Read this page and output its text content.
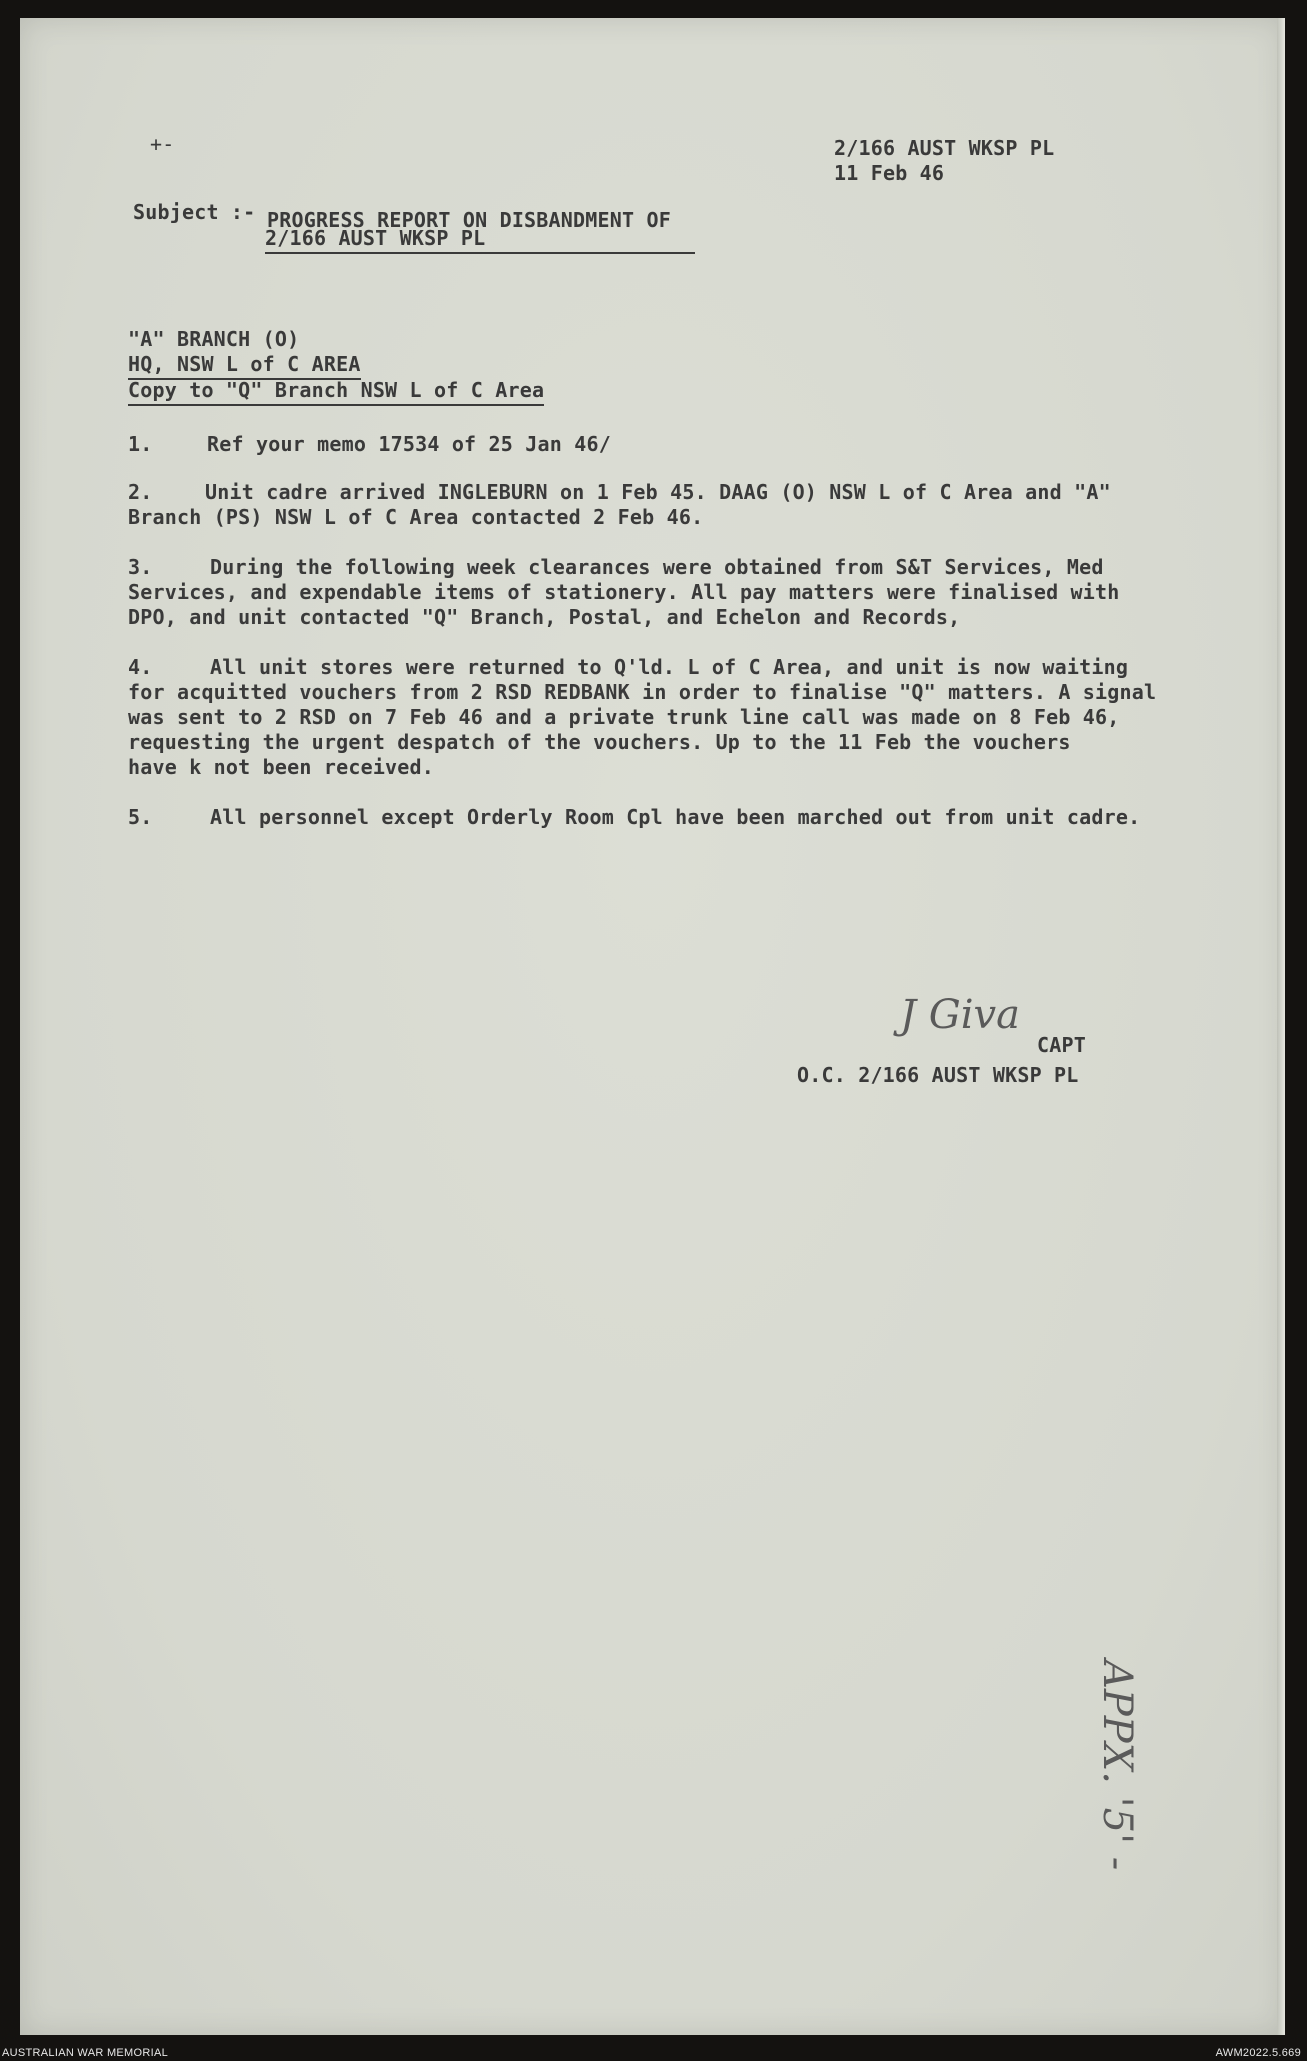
+-	2/166 AUST WKSP PL
11 Feb 46
Subject :- PROGRESS REPORT ON DISBANDMENT OF
2/166 AUST WKSP PL
"A" BRANCH (O)
HQ, NSW L of C AREA
Copy to "Q" Branch NSW L of C Area
1.	Ref your memo 17534 of 25 Jan 46/
2.	Unit cadre arrived INGLEBURN on 1 Feb 45. DAAG (O) NSW L of C Area and "A"
Branch (PS) NSW L of C Area contacted 2 Feb 46.
3.	During the following week clearances were obtained from S&T Services, Med
Services, and expendable items of stationery. All pay matters were finalised with
DPO, and unit contacted "Q" Branch, Postal, and Echelon and Records,
4.	All unit stores were returned to Q'ld. L of C Area, and unit is now waiting
for acquitted vouchers from 2 RSD REDBANK in order to finalise "Q" matters. A signal
was sent to 2 RSD on 7 Feb 46 and a private trunk line call was made on 8 Feb 46,
requesting the urgent despatch of the vouchers. Up to the 11 Feb the vouchers
have k not been received.
5.	All personnel except Orderly Room Cpl have been marched out from unit cadre.
J Giva
CAPT
O.C. 2/166 AUST WKSP PL
APPX. '5' -
AUSTRALIAN WAR MEMORIAL	AWM2022.5.669
